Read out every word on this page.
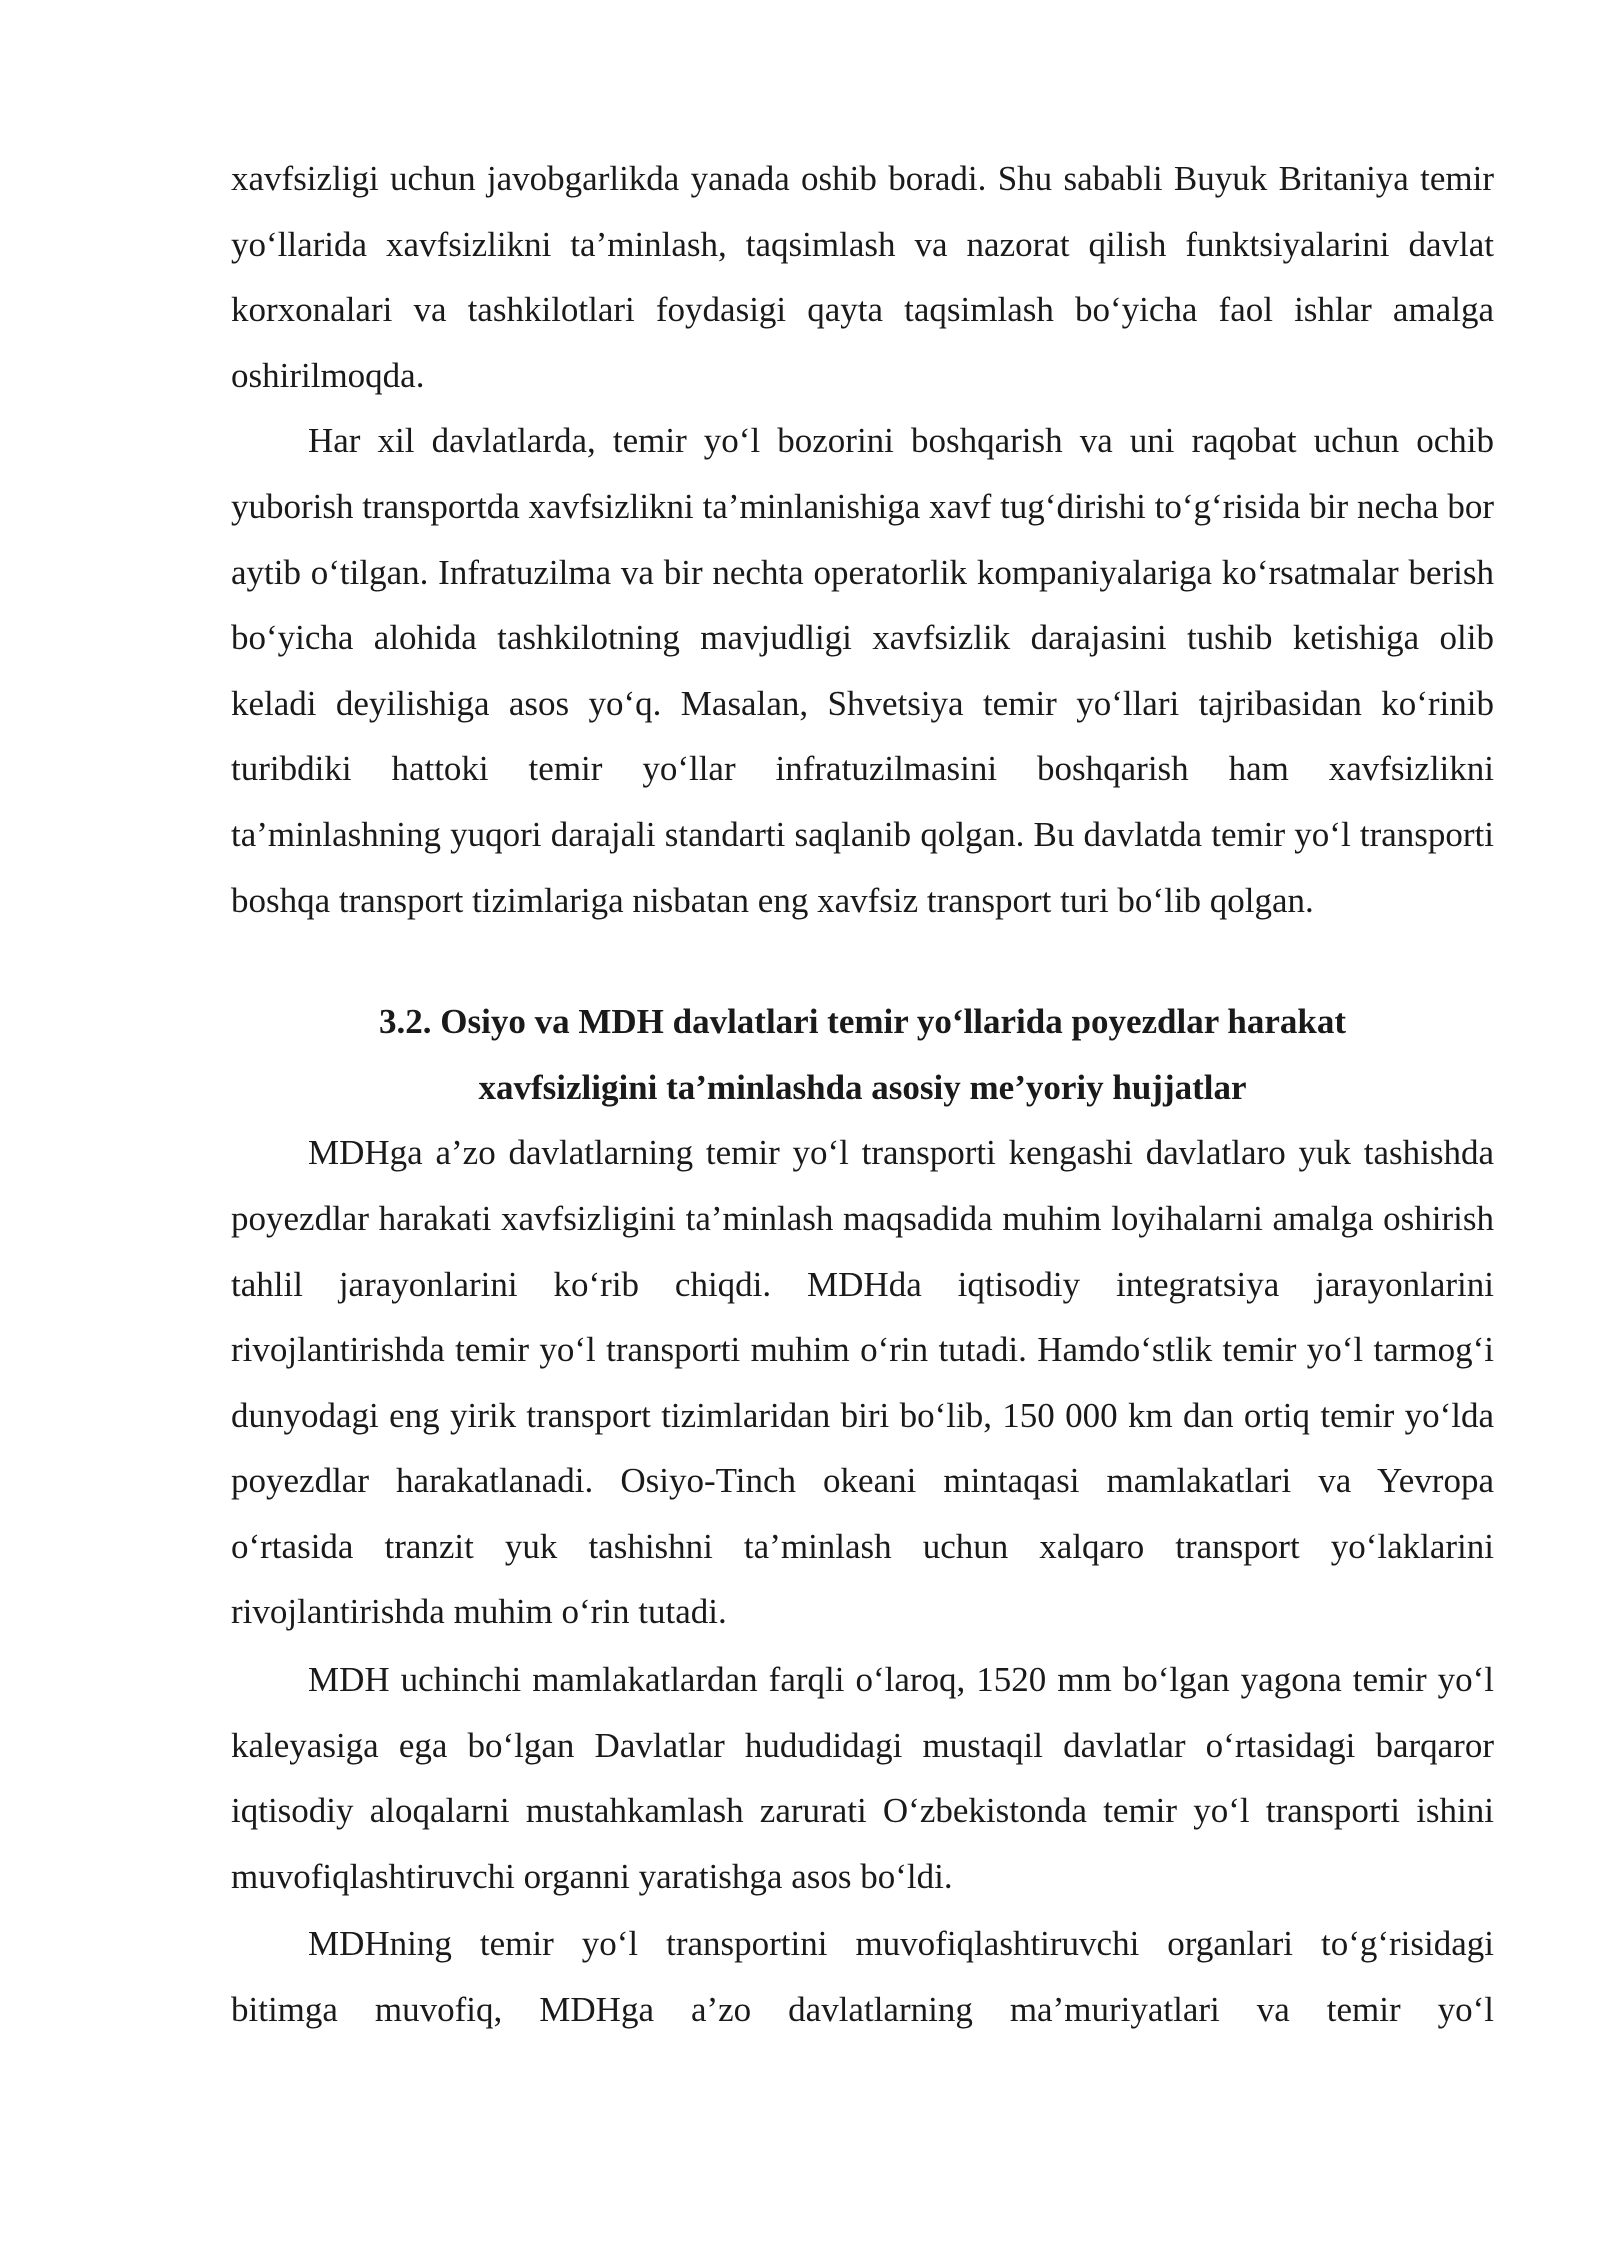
xavfsizligi uchun javobgarlikda yanada oshib boradi. Shu sababli Buyuk Britaniya temir yo‘llarida xavfsizlikni ta’minlash, taqsimlash va nazorat qilish funktsiyalarini davlat korxonalari va tashkilotlari foydasigi qayta taqsimlash bo‘yicha faol ishlar amalga oshirilmoqda.

Har xil davlatlarda, temir yo‘l bozorini boshqarish va uni raqobat uchun ochib yuborish transportda xavfsizlikni ta’minlanishiga xavf tug‘dirishi to‘g‘risida bir necha bor aytib o‘tilgan. Infratuzilma va bir nechta operatorlik kompaniyalariga ko‘rsatmalar berish bo‘yicha alohida tashkilotning mavjudligi xavfsizlik darajasini tushib ketishiga olib keladi deyilishiga asos yo‘q. Masalan, Shvetsiya temir yo‘llari tajribasidan ko‘rinib turibdiki hattoki temir yo‘llar infratuzilmasini boshqarish ham xavfsizlikni ta’minlashning yuqori darajali standarti saqlanib qolgan. Bu davlatda temir yo‘l transporti boshqa transport tizimlariga nisbatan eng xavfsiz transport turi bo‘lib qolgan.

3.2. Osiyo va MDH davlatlari temir yo‘llarida poyezdlar harakat
xavfsizligini ta’minlashda asosiy me’yoriy hujjatlar

MDHga a’zo davlatlarning temir yo‘l transporti kengashi davlatlaro yuk tashishda poyezdlar harakati xavfsizligini ta’minlash maqsadida muhim loyihalarni amalga oshirish tahlil jarayonlarini ko‘rib chiqdi. MDHda iqtisodiy integratsiya jarayonlarini rivojlantirishda temir yo‘l transporti muhim o‘rin tutadi. Hamdo‘stlik temir yo‘l tarmog‘i dunyodagi eng yirik transport tizimlaridan biri bo‘lib, 150 000 km dan ortiq temir yo‘lda poyezdlar harakatlanadi. Osiyo-Tinch okeani mintaqasi mamlakatlari va Yevropa o‘rtasida tranzit yuk tashishni ta’minlash uchun xalqaro transport yo‘laklarini rivojlantirishda muhim o‘rin tutadi.

MDH uchinchi mamlakatlardan farqli o‘laroq, 1520 mm bo‘lgan yagona temir yo‘l kaleyasiga ega bo‘lgan Davlatlar hududidagi mustaqil davlatlar o‘rtasidagi barqaror iqtisodiy aloqalarni mustahkamlash zarurati O‘zbekistonda temir yo‘l transporti ishini muvofiqlashtiruvchi organni yaratishga asos bo‘ldi.

MDHning temir yo‘l transportini muvofiqlashtiruvchi organlari to‘g‘risidagi bitimga muvofiq, MDHga a’zo davlatlarning ma’muriyatlari va temir yo‘l
